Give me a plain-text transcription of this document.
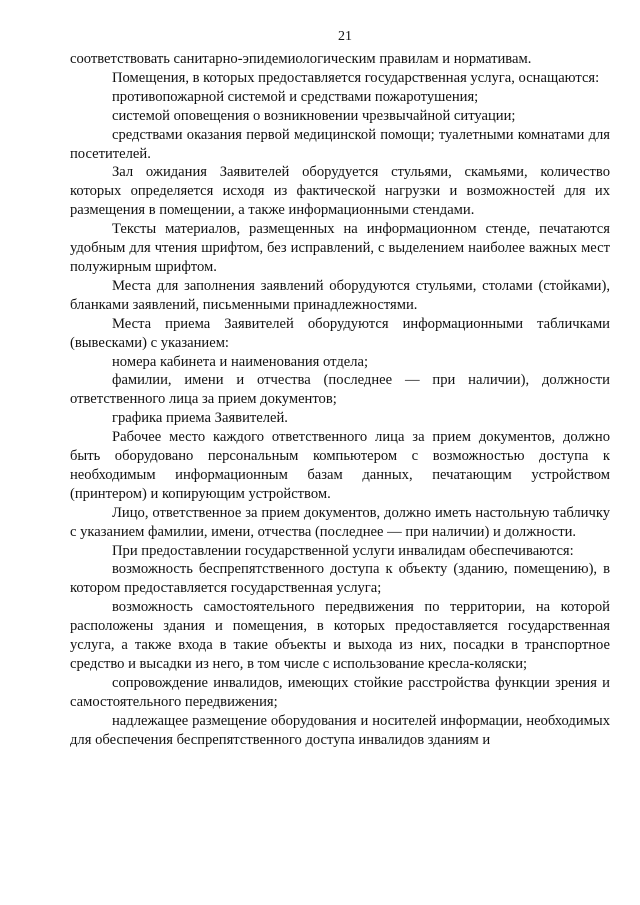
21

соответствовать санитарно-эпидемиологическим правилам и нормативам.

Помещения, в которых предоставляется государственная услуга, оснащаются:

противопожарной системой и средствами пожаротушения;

системой оповещения о возникновении чрезвычайной ситуации;

средствами оказания первой медицинской помощи; туалетными комнатами для посетителей.

Зал ожидания Заявителей оборудуется стульями, скамьями, количество которых определяется исходя из фактической нагрузки и возможностей для их размещения в помещении, а также информационными стендами.

Тексты материалов, размещенных на информационном стенде, печатаются удобным для чтения шрифтом, без исправлений, с выделением наиболее важных мест полужирным шрифтом.

Места для заполнения заявлений оборудуются стульями, столами (стойками), бланками заявлений, письменными принадлежностями.

Места приема Заявителей оборудуются информационными табличками (вывесками) с указанием:

номера кабинета и наименования отдела;

фамилии, имени и отчества (последнее — при наличии), должности ответственного лица за прием документов;

графика приема Заявителей.

Рабочее место каждого ответственного лица за прием документов, должно быть оборудовано персональным компьютером с возможностью доступа к необходимым информационным базам данных, печатающим устройством (принтером) и копирующим устройством.

Лицо, ответственное за прием документов, должно иметь настольную табличку с указанием фамилии, имени, отчества (последнее — при наличии) и должности.

При предоставлении государственной услуги инвалидам обеспечиваются:

возможность беспрепятственного доступа к объекту (зданию, помещению), в котором предоставляется государственная услуга;

возможность самостоятельного передвижения по территории, на которой расположены здания и помещения, в которых предоставляется государственная услуга, а также входа в такие объекты и выхода из них, посадки в транспортное средство и высадки из него, в том числе с использование кресла-коляски;

сопровождение инвалидов, имеющих стойкие расстройства функции зрения и самостоятельного передвижения;

надлежащее размещение оборудования и носителей информации, необходимых для обеспечения беспрепятственного доступа инвалидов зданиям и
